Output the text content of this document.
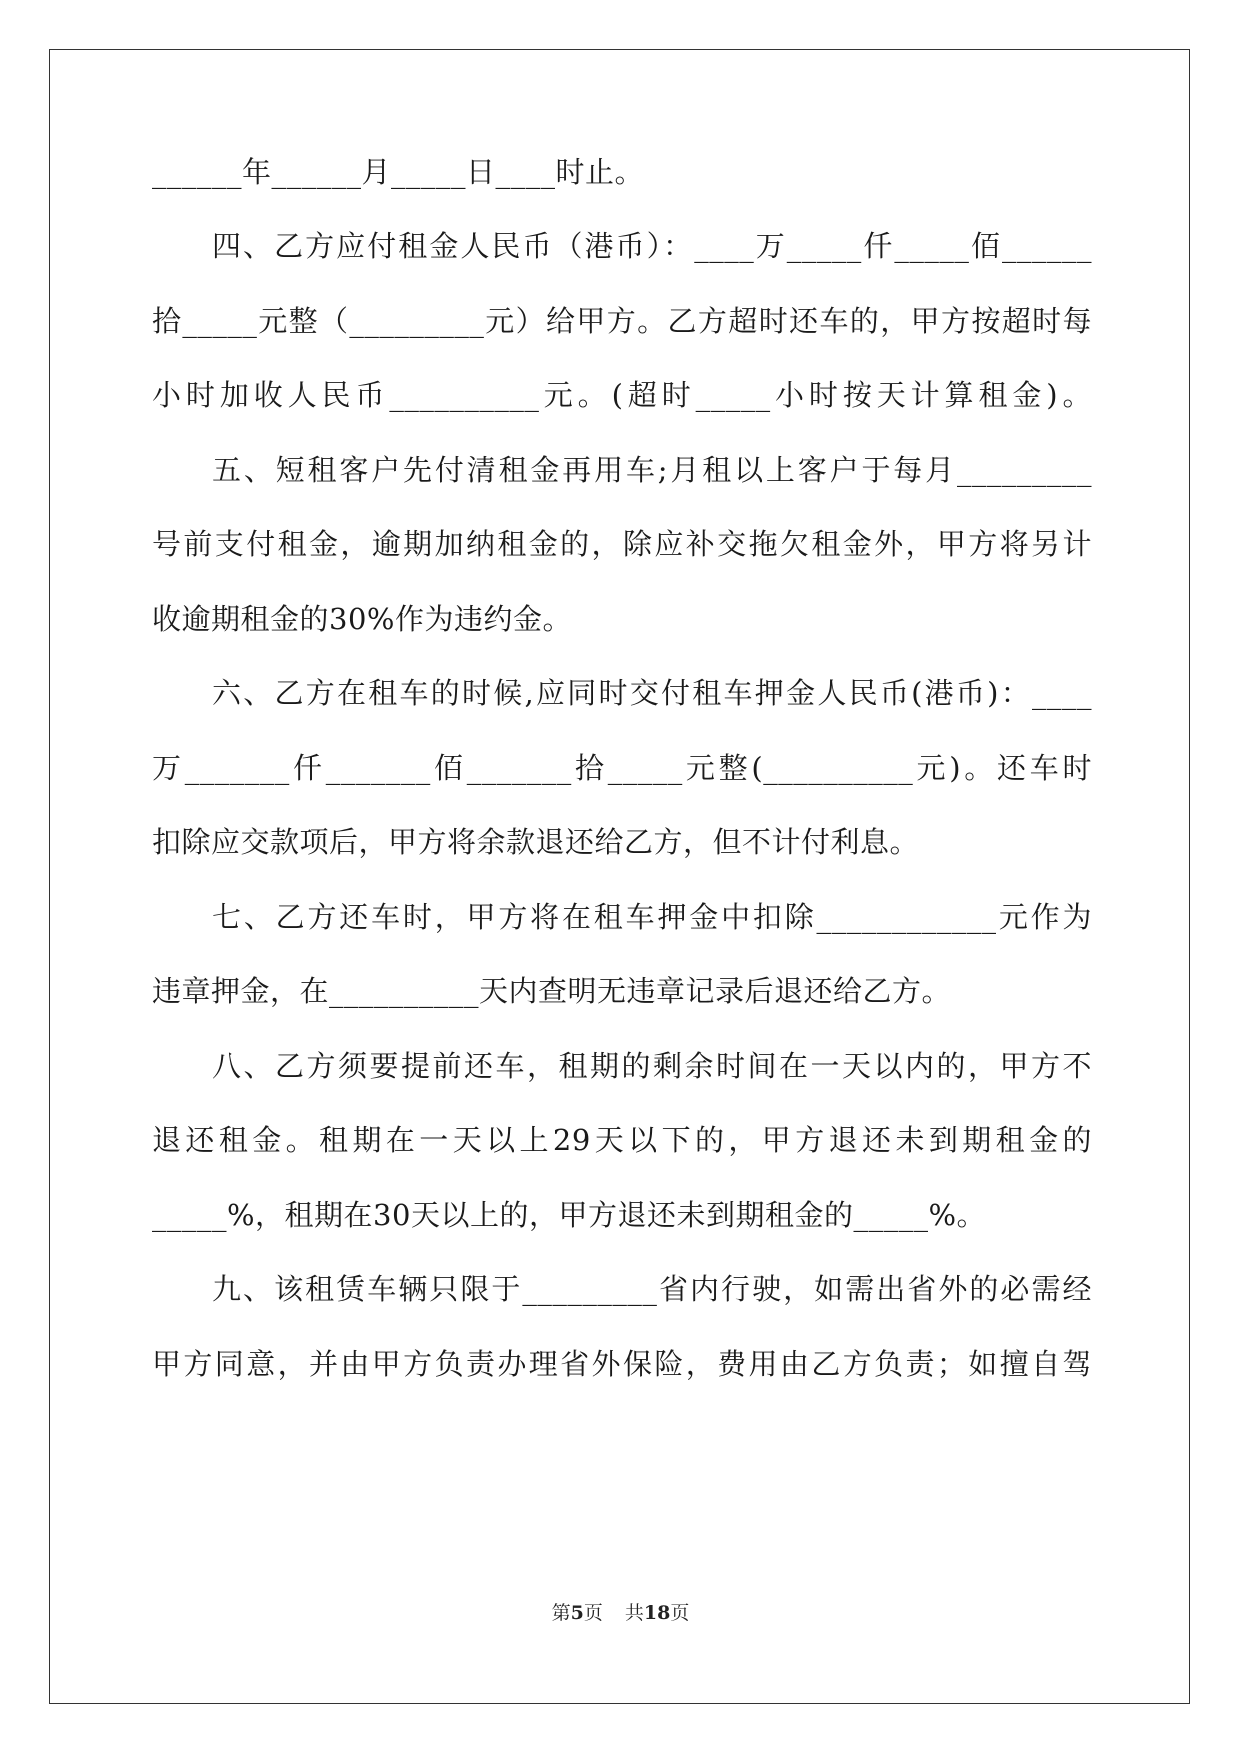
______年______月_____日____时止。
四、乙方应付租金人民币（港币）：____万_____仟_____佰______
拾_____元整（_________元）给甲方。乙方超时还车的，甲方按超时每
小时加收人民币__________元。(超时_____小时按天计算租金)。
五、短租客户先付清租金再用车;月租以上客户于每月_________
号前支付租金，逾期加纳租金的，除应补交拖欠租金外，甲方将另计
收逾期租金的30%作为违约金。
六、乙方在租车的时候,应同时交付租车押金人民币(港币)：____
万_______仟_______佰_______拾_____元整(__________元)。还车时
扣除应交款项后，甲方将余款退还给乙方，但不计付利息。
七、乙方还车时，甲方将在租车押金中扣除____________元作为
违章押金，在__________天内查明无违章记录后退还给乙方。
八、乙方须要提前还车，租期的剩余时间在一天以内的，甲方不
退还租金。租期在一天以上29天以下的，甲方退还未到期租金的
_____%，租期在30天以上的，甲方退还未到期租金的_____%。
九、该租赁车辆只限于_________省内行驶，如需出省外的必需经
甲方同意，并由甲方负责办理省外保险，费用由乙方负责；如擅自驾
第5页 共18页
